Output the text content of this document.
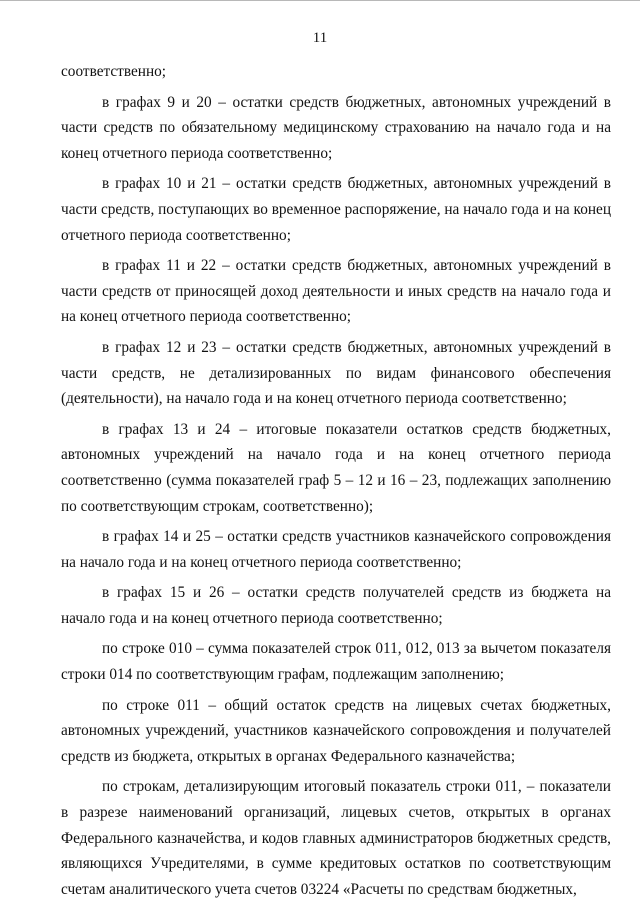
11

соответственно;

в графах 9 и 20 – остатки средств бюджетных, автономных учреждений в части средств по обязательному медицинскому страхованию на начало года и на конец отчетного периода соответственно;

в графах 10 и 21 – остатки средств бюджетных, автономных учреждений в части средств, поступающих во временное распоряжение, на начало года и на конец отчетного периода соответственно;

в графах 11 и 22 – остатки средств бюджетных, автономных учреждений в части средств от приносящей доход деятельности и иных средств на начало года и на конец отчетного периода соответственно;

в графах 12 и 23 – остатки средств бюджетных, автономных учреждений в части средств, не детализированных по видам финансового обеспечения (деятельности), на начало года и на конец отчетного периода соответственно;

в графах 13 и 24 – итоговые показатели остатков средств бюджетных, автономных учреждений на начало года и на конец отчетного периода соответственно (сумма показателей граф 5 – 12 и 16 – 23, подлежащих заполнению по соответствующим строкам, соответственно);

в графах 14 и 25 – остатки средств участников казначейского сопровождения на начало года и на конец отчетного периода соответственно;

в графах 15 и 26 – остатки средств получателей средств из бюджета на начало года и на конец отчетного периода соответственно;

по строке 010 – сумма показателей строк 011, 012, 013 за вычетом показателя строки 014 по соответствующим графам, подлежащим заполнению;

по строке 011 – общий остаток средств на лицевых счетах бюджетных, автономных учреждений, участников казначейского сопровождения и получателей средств из бюджета, открытых в органах Федерального казначейства;

по строкам, детализирующим итоговый показатель строки 011, – показатели в разрезе наименований организаций, лицевых счетов, открытых в органах Федерального казначейства, и кодов главных администраторов бюджетных средств, являющихся Учредителями, в сумме кредитовых остатков по соответствующим счетам аналитического учета счетов 03224 «Расчеты по средствам бюджетных,
